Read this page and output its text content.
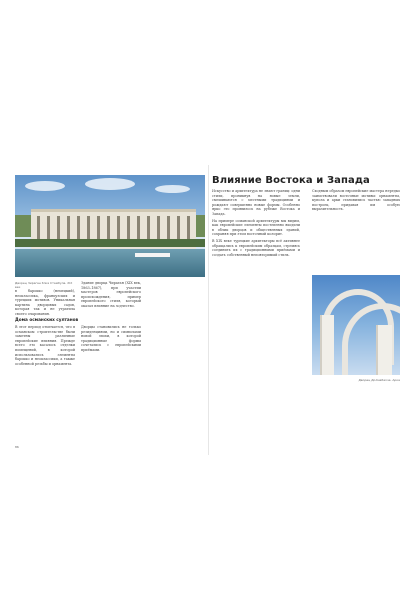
Дворец Чираган близ Стамбула. XIX век

в барокко (немецкий), неоклассика, французских и турецких мотивов. Уникальная картина дворцовых садов, которая так и не утратила своего очарования.

Здание дворца Чираган (XIX век, 1863–1867), при участии мастеров европейского происхождения, пример европейского стиля, который оказал влияние на зодчество.

Дома османских султанов

В этот период отмечается, что в османском строительстве были заметны различные европейские влияния. Прежде всего это касалось отделки помещений, в которой использовались элементы барокко и неоклассики, а также особенной резьбы и орнамента.

Дворцы становились не только резиденциями, но и символами новой эпохи, в которой традиционные формы сочетались с европейскими приёмами.

86
Влияние Востока и Запада

Искусство и архитектура не знают границ: одни стили, проникнув на новые земли, смешиваются с местными традициями и рождают совершенно новые формы. Особенно ярко это проявилось на рубеже Востока и Запада.

На примере османской архитектуры мы видим, как европейские элементы постепенно входили в облик дворцов и общественных зданий, сохраняя при этом восточный колорит.

В XIX веке турецкие архитекторы всё активнее обращались к европейским образцам, стремясь соединить их с традиционными приёмами и создать собственный неповторимый стиль.

Сходным образом европейские мастера нередко заимствовали восточные мотивы: орнаменты, купола и арки становились частью западных построек, придавая им особую выразительность.

Дворец Долмабахче. Арка
